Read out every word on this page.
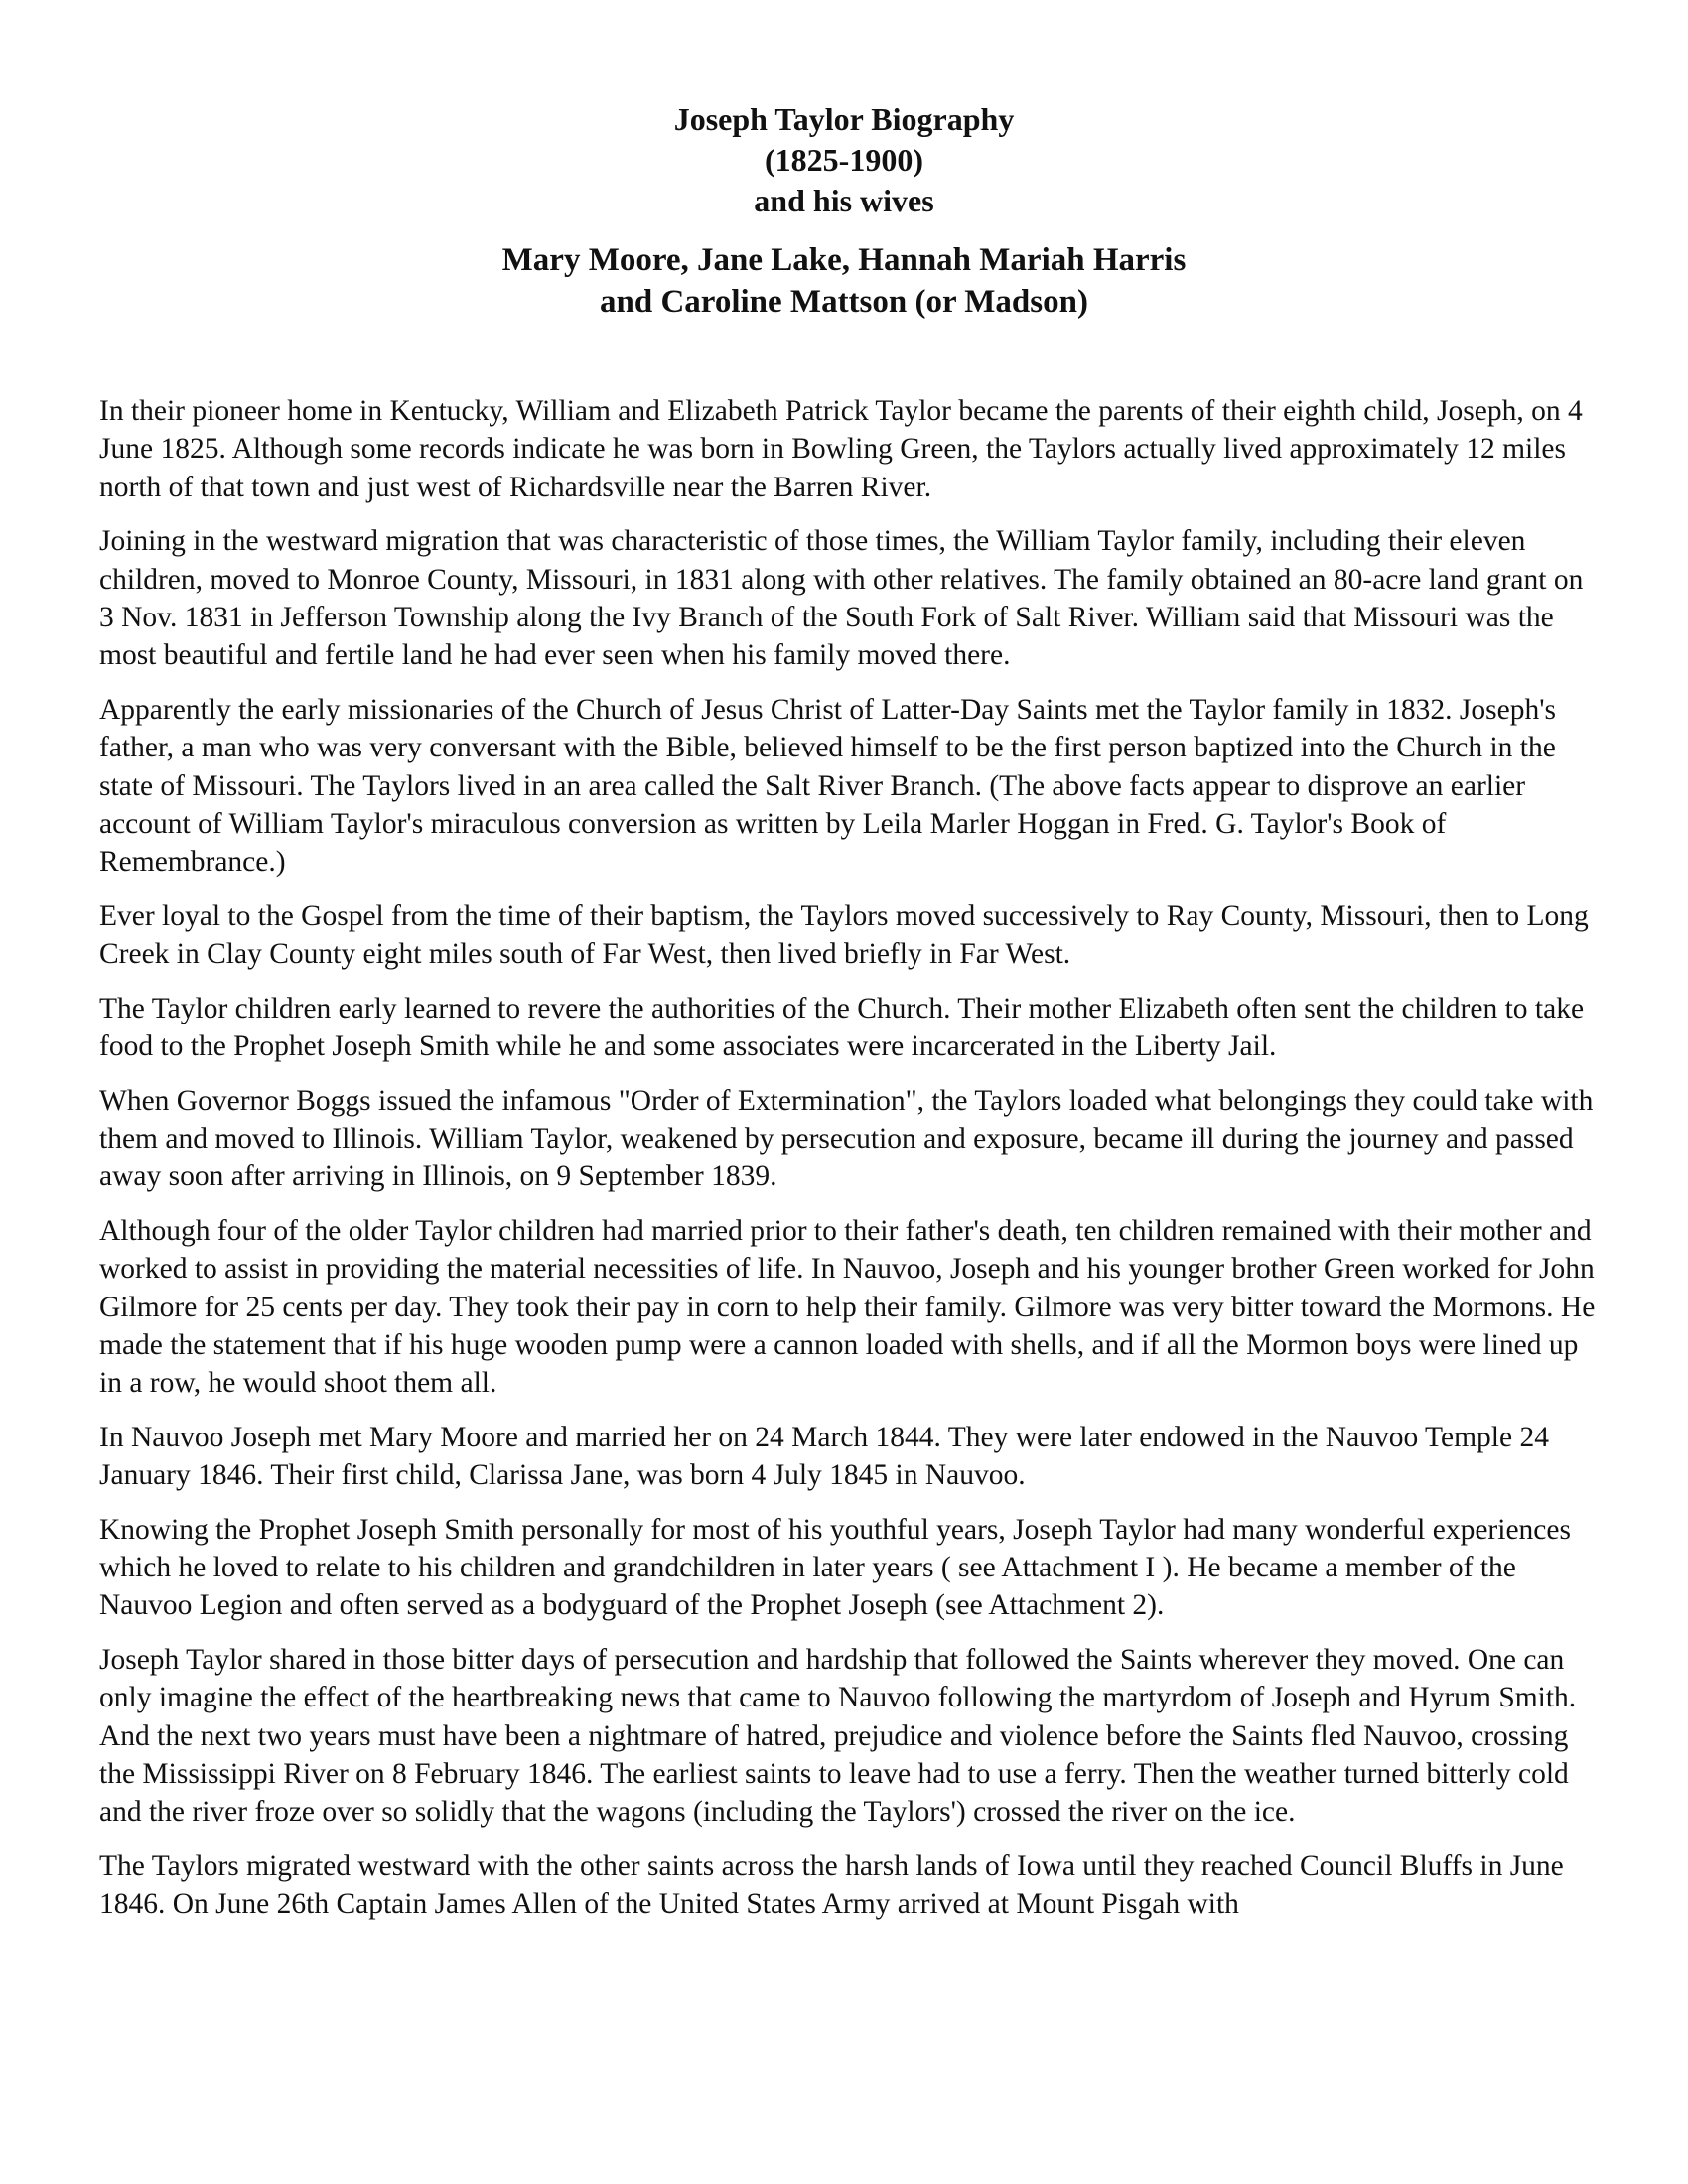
Joseph Taylor Biography
(1825-1900)
and his wives
Mary Moore, Jane Lake, Hannah Mariah Harris
and Caroline Mattson (or Madson)

In their pioneer home in Kentucky, William and Elizabeth Patrick Taylor became the parents of their eighth child, Joseph, on 4 June 1825. Although some records indicate he was born in Bowling Green, the Taylors actually lived approximately 12 miles north of that town and just west of Richardsville near the Barren River.

Joining in the westward migration that was characteristic of those times, the William Taylor family, including their eleven children, moved to Monroe County, Missouri, in 1831 along with other relatives. The family obtained an 80-acre land grant on 3 Nov. 1831 in Jefferson Township along the Ivy Branch of the South Fork of Salt River. William said that Missouri was the most beautiful and fertile land he had ever seen when his family moved there.

Apparently the early missionaries of the Church of Jesus Christ of Latter-Day Saints met the Taylor family in 1832. Joseph's father, a man who was very conversant with the Bible, believed himself to be the first person baptized into the Church in the state of Missouri. The Taylors lived in an area called the Salt River Branch. (The above facts appear to disprove an earlier account of William Taylor's miraculous conversion as written by Leila Marler Hoggan in Fred. G. Taylor's Book of Remembrance.)

Ever loyal to the Gospel from the time of their baptism, the Taylors moved successively to Ray County, Missouri, then to Long Creek in Clay County eight miles south of Far West, then lived briefly in Far West.

The Taylor children early learned to revere the authorities of the Church. Their mother Elizabeth often sent the children to take food to the Prophet Joseph Smith while he and some associates were incarcerated in the Liberty Jail.

When Governor Boggs issued the infamous "Order of Extermination", the Taylors loaded what belongings they could take with them and moved to Illinois. William Taylor, weakened by persecution and exposure, became ill during the journey and passed away soon after arriving in Illinois, on 9 September 1839.

Although four of the older Taylor children had married prior to their father's death, ten children remained with their mother and worked to assist in providing the material necessities of life. In Nauvoo, Joseph and his younger brother Green worked for John Gilmore for 25 cents per day. They took their pay in corn to help their family. Gilmore was very bitter toward the Mormons. He made the statement that if his huge wooden pump were a cannon loaded with shells, and if all the Mormon boys were lined up in a row, he would shoot them all.

In Nauvoo Joseph met Mary Moore and married her on 24 March 1844. They were later endowed in the Nauvoo Temple 24 January 1846. Their first child, Clarissa Jane, was born 4 July 1845 in Nauvoo.

Knowing the Prophet Joseph Smith personally for most of his youthful years, Joseph Taylor had many wonderful experiences which he loved to relate to his children and grandchildren in later years ( see Attachment I ). He became a member of the Nauvoo Legion and often served as a bodyguard of the Prophet Joseph (see Attachment 2).

Joseph Taylor shared in those bitter days of persecution and hardship that followed the Saints wherever they moved. One can only imagine the effect of the heartbreaking news that came to Nauvoo following the martyrdom of Joseph and Hyrum Smith. And the next two years must have been a nightmare of hatred, prejudice and violence before the Saints fled Nauvoo, crossing the Mississippi River on 8 February 1846. The earliest saints to leave had to use a ferry. Then the weather turned bitterly cold and the river froze over so solidly that the wagons (including the Taylors') crossed the river on the ice.

The Taylors migrated westward with the other saints across the harsh lands of Iowa until they reached Council Bluffs in June 1846. On June 26th Captain James Allen of the United States Army arrived at Mount Pisgah with
